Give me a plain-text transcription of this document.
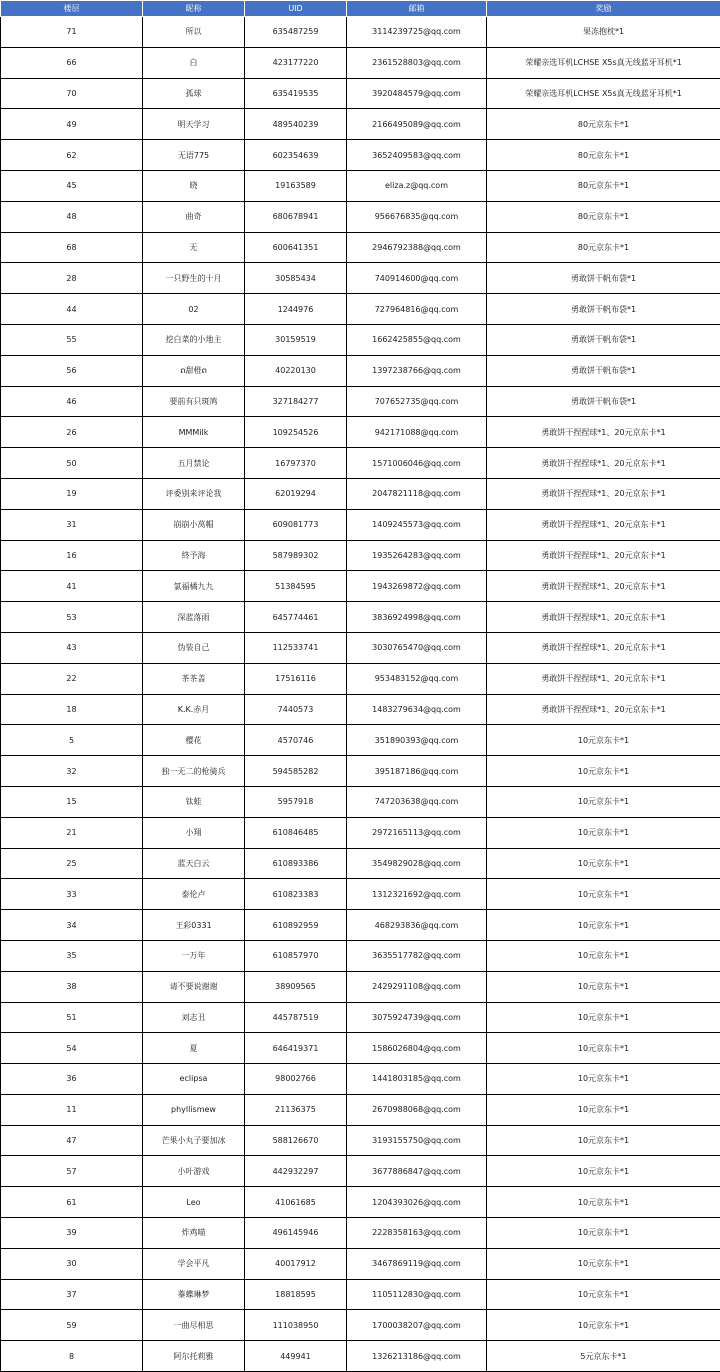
楼层	昵称	UID	邮箱	奖励
71	所以	635487259	3114239725@qq.com	果冻抱枕*1
66	白	423177220	2361528803@qq.com	荣耀亲选耳机LCHSE X5s真无线蓝牙耳机*1
70	孤球	635419535	3920484579@qq.com	荣耀亲选耳机LCHSE X5s真无线蓝牙耳机*1
49	明天学习	489540239	2166495089@qq.com	80元京东卡*1
62	无语775	602354639	3652409583@qq.com	80元京东卡*1
45	晓	19163589	eliza.z@qq.com	80元京东卡*1
48	曲奇	680678941	956676835@qq.com	80元京东卡*1
68	无	600641351	2946792388@qq.com	80元京东卡*1
28	一只野生的十月	30585434	740914600@qq.com	勇敢饼干帆布袋*1
44	02	1244976	727964816@qq.com	勇敢饼干帆布袋*1
55	挖白菜的小地主	30159519	1662425855@qq.com	勇敢饼干帆布袋*1
56	ດ甜橙ດ	40220130	1397238766@qq.com	勇敢饼干帆布袋*1
46	要前有只斑鸠	327184277	707652735@qq.com	勇敢饼干帆布袋*1
26	MMMilk	109254526	942171088@qq.com	勇敢饼干捏捏球*1、20元京东卡*1
50	五月禁论	16797370	1571006046@qq.com	勇敢饼干捏捏球*1、20元京东卡*1
19	评委别来评论我	62019294	2047821118@qq.com	勇敢饼干捏捏球*1、20元京东卡*1
31	崩崩小莴帽	609081773	1409245573@qq.com	勇敢饼干捏捏球*1、20元京东卡*1
16	終予海	587989302	1935264283@qq.com	勇敢饼干捏捏球*1、20元京东卡*1
41	氯福橘九九	51384595	1943269872@qq.com	勇敢饼干捏捏球*1、20元京东卡*1
53	深蓝落雨	645774461	3836924998@qq.com	勇敢饼干捏捏球*1、20元京东卡*1
43	伪装自己	112533741	3030765470@qq.com	勇敢饼干捏捏球*1、20元京东卡*1
22	茶茶盖	17516116	953483152@qq.com	勇敢饼干捏捏球*1、20元京东卡*1
18	K.K.赤月	7440573	1483279634@qq.com	勇敢饼干捏捏球*1、20元京东卡*1
5	樱花	4570746	351890393@qq.com	10元京东卡*1
32	独一无二的枪骑兵	594585282	395187186@qq.com	10元京东卡*1
15	钛蛙	5957918	747203638@qq.com	10元京东卡*1
21	小翔	610846485	2972165113@qq.com	10元京东卡*1
25	蓝天白云	610893386	3549829028@qq.com	10元京东卡*1
33	泰伦卢	610823383	1312321692@qq.com	10元京东卡*1
34	王彩0331	610892959	468293836@qq.com	10元京东卡*1
35	一万年	610857970	3635517782@qq.com	10元京东卡*1
38	请不要说谢谢	38909565	2429291108@qq.com	10元京东卡*1
51	刘志丑	445787519	3075924739@qq.com	10元京东卡*1
54	夏	646419371	1586026804@qq.com	10元京东卡*1
36	eclipsa	98002766	1441803185@qq.com	10元京东卡*1
11	phyllismew	21136375	2670988068@qq.com	10元京东卡*1
47	芒果小丸子要加冰	588126670	3193155750@qq.com	10元京东卡*1
57	小叶游戏	442932297	3677886847@qq.com	10元京东卡*1
61	Leo	41061685	1204393026@qq.com	10元京东卡*1
39	炸鸡喵	496145946	2228358163@qq.com	10元京东卡*1
30	学会平凡	40017912	3467869119@qq.com	10元京东卡*1
37	蓁蝶琳梦	18818595	1105112830@qq.com	10元京东卡*1
59	一曲尽相思	111038950	1700038207@qq.com	10元京东卡*1
8	阿尔托莉雅	449941	1326213186@qq.com	5元京东卡*1
